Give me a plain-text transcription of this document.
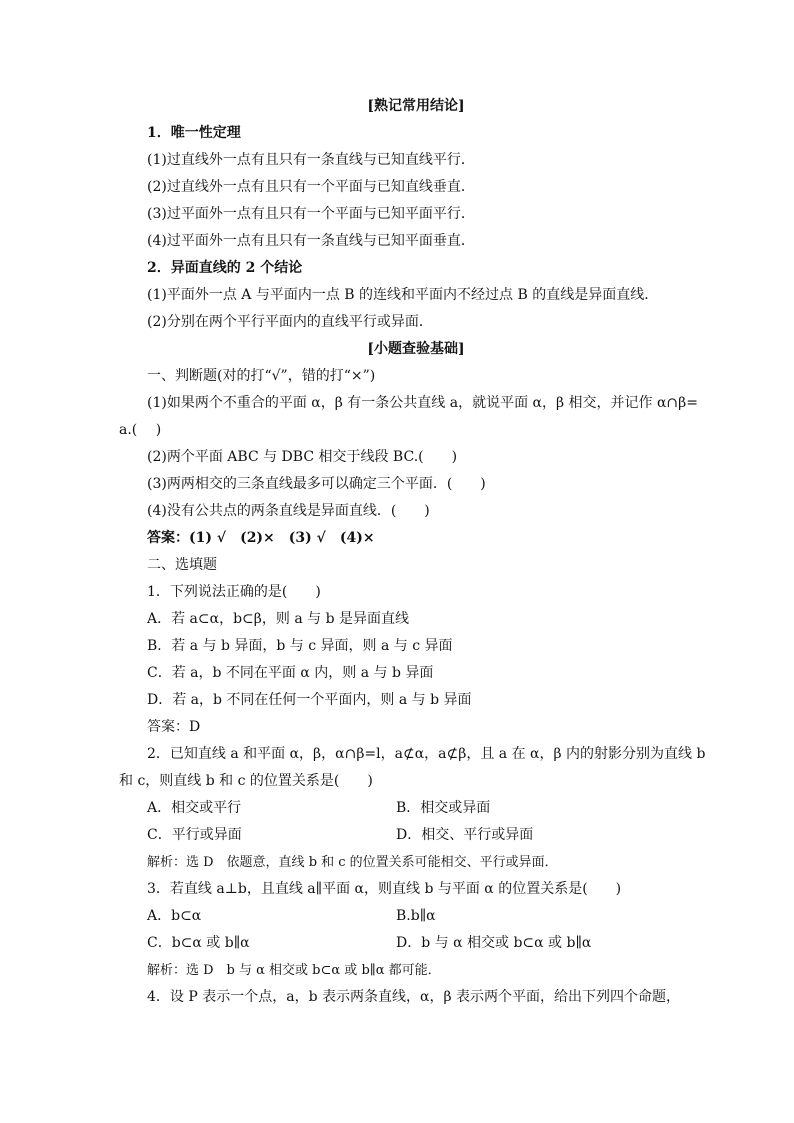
[熟记常用结论]
1．唯一性定理
(1)过直线外一点有且只有一条直线与已知直线平行．
(2)过直线外一点有且只有一个平面与已知直线垂直．
(3)过平面外一点有且只有一个平面与已知平面平行．
(4)过平面外一点有且只有一条直线与已知平面垂直．
2．异面直线的 2 个结论
(1)平面外一点 A 与平面内一点 B 的连线和平面内不经过点 B 的直线是异面直线．
(2)分别在两个平行平面内的直线平行或异面．
[小题查验基础]
一、判断题(对的打“√”，错的打“×”)
(1)如果两个不重合的平面 α，β 有一条公共直线 a，就说平面 α，β 相交，并记作 α∩β=
a.(　 )
(2)两个平面 ABC 与 DBC 相交于线段 BC.(　　)
(3)两两相交的三条直线最多可以确定三个平面．(　　)
(4)没有公共点的两条直线是异面直线．(　　)
答案：(1) √　(2)×　(3) √　(4)×
二、选填题
1．下列说法正确的是(　　)
A．若 a⊂α，b⊂β，则 a 与 b 是异面直线
B．若 a 与 b 异面，b 与 c 异面，则 a 与 c 异面
C．若 a，b 不同在平面 α 内，则 a 与 b 异面
D．若 a，b 不同在任何一个平面内，则 a 与 b 异面
答案：D
2．已知直线 a 和平面 α，β，α∩β=l，a⊄α，a⊄β，且 a 在 α，β 内的射影分别为直线 b
和 c，则直线 b 和 c 的位置关系是(　　)
A．相交或平行	B．相交或异面
C．平行或异面	D．相交、平行或异面
解析：选 D　依题意，直线 b 和 c 的位置关系可能相交、平行或异面．
3．若直线 a⊥b，且直线 a∥平面 α，则直线 b 与平面 α 的位置关系是(　　)
A．b⊂α	B.b∥α
C．b⊂α 或 b∥α	D．b 与 α 相交或 b⊂α 或 b∥α
解析：选 D　b 与 α 相交或 b⊂α 或 b∥α 都可能．
4．设 P 表示一个点，a，b 表示两条直线，α，β 表示两个平面，给出下列四个命题，
